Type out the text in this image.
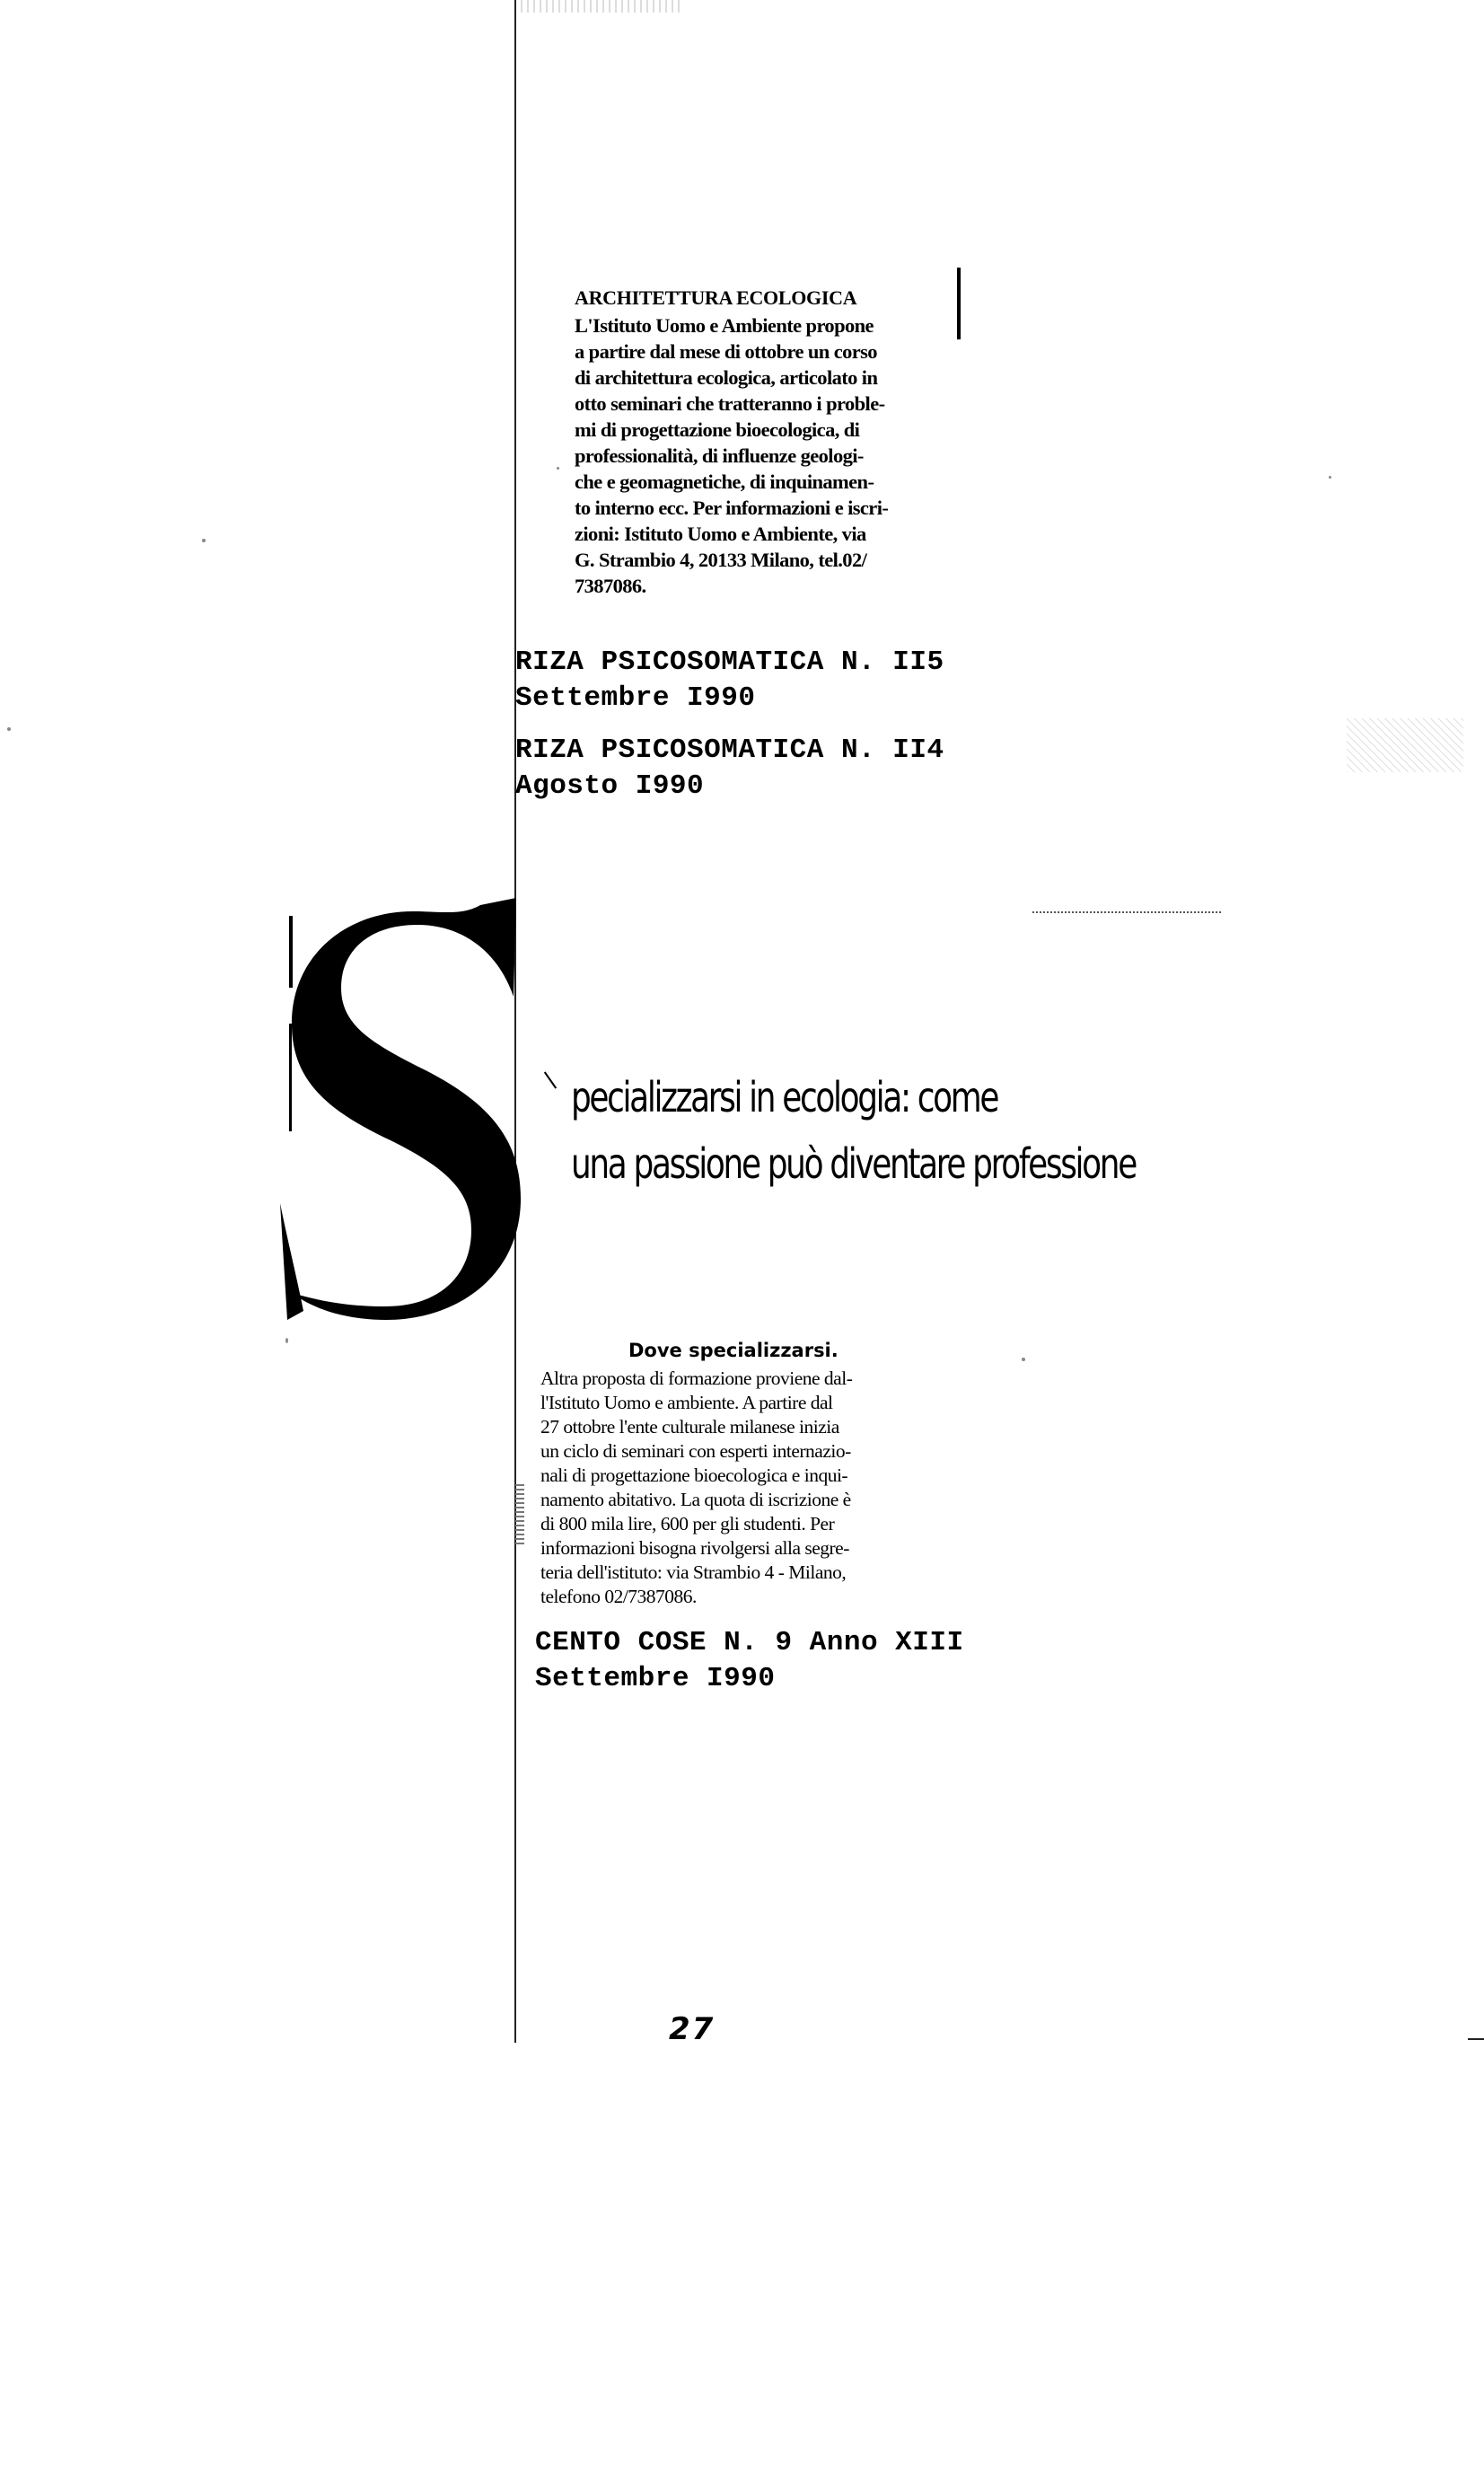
ARCHITETTURA ECOLOGICA

L'Istituto Uomo e Ambiente propone
a partire dal mese di ottobre un corso
di architettura ecologica, articolato in
otto seminari che tratteranno i proble-
mi di progettazione bioecologica, di
professionalità, di influenze geologi-
che e geomagnetiche, di inquinamen-
to interno ecc. Per informazioni e iscri-
zioni: Istituto Uomo e Ambiente, via
G. Strambio 4, 20133 Milano, tel.02/
7387086.

RIZA PSICOSOMATICA N. II5
Settembre I990
RIZA PSICOSOMATICA N. II4
Agosto I990
pecializzarsi in ecologia: come
una passione può diventare professione
Dove specializzarsi.

Altra proposta di formazione proviene dal-
l'Istituto Uomo e ambiente. A partire dal
27 ottobre l'ente culturale milanese inizia
un ciclo di seminari con esperti internazio-
nali di progettazione bioecologica e inqui-
namento abitativo. La quota di iscrizione è
di 800 mila lire, 600 per gli studenti. Per
informazioni bisogna rivolgersi alla segre-
teria dell'istituto: via Strambio 4 - Milano,
telefono 02/7387086.

CENTO COSE N. 9 Anno XIII
Settembre I990
27
